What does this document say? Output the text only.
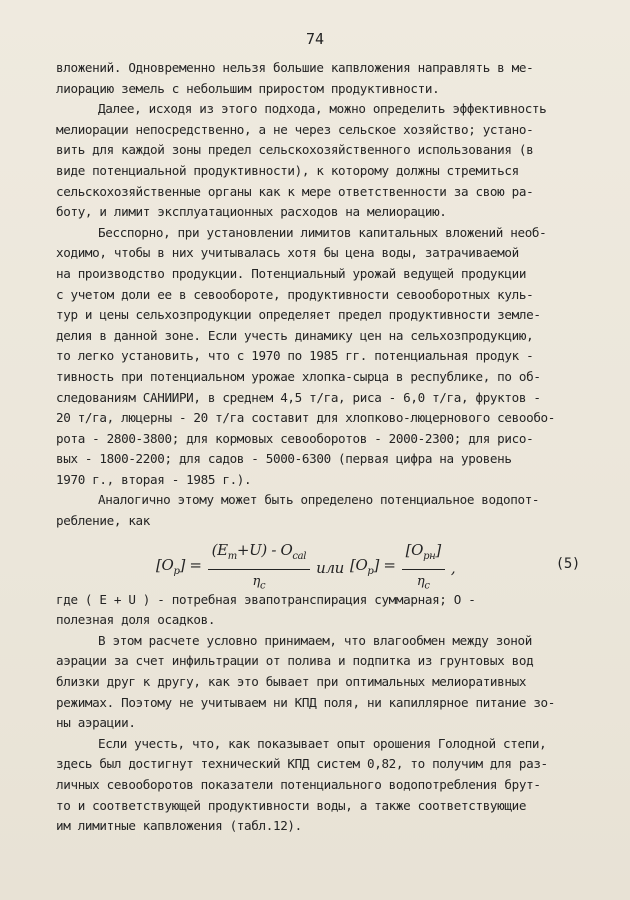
74
вложений. Одновременно нельзя большие капвложения направлять в ме-
лиорацию земель с небольшим приростом продуктивности.
Далее, исходя из этого подхода, можно определить эффективность
мелиорации непосредственно, а не через сельское хозяйство; устано-
вить для каждой зоны предел сельскохозяйственного использования (в
виде потенциальной продуктивности), к которому должны стремиться
сельскохозяйственные органы как к мере ответственности за свою ра-
боту, и лимит эксплуатационных расходов на мелиорацию.
Бесспорно, при установлении лимитов капитальных вложений необ-
ходимо, чтобы в них учитывалась хотя бы цена воды, затрачиваемой
на производство продукции. Потенциальный урожай ведущей продукции
с учетом доли ее в севообороте, продуктивности севооборотных куль-
тур и цены сельхозпродукции определяет предел продуктивности земле-
делия в данной зоне. Если учесть динамику цен на сельхозпродукцию,
то легко установить, что с 1970 по 1985 гг. потенциальная продук -
тивность при потенциальном урожае хлопка-сырца в республике, по об-
следованиям САНИИРИ, в среднем 4,5 т/га, риса - 6,0 т/га, фруктов -
20 т/га, люцерны - 20 т/га составит для хлопково-люцернового севообо-
рота - 2800-3800; для кормовых севооборотов - 2000-2300; для рисо-
вых - 1800-2200; для садов - 5000-6300 (первая цифра на уровень
1970 г., вторая - 1985 г.).
Аналогично этому может быть определено потенциальное водопот-
ребление, как
$[O_p] = \frac{(E_m+U) - O_{cal}}{\eta_c}$ или $[O_p] = \frac{[O_{pн}]}{\eta_c}$ ,	(5)
где ( E + U ) - потребная эвапотранспирация суммарная; O -
полезная доля осадков.
В этом расчете условно принимаем, что влагообмен между зоной
аэрации за счет инфильтрации от полива и подпитка из грунтовых вод
близки друг к другу, как это бывает при оптимальных мелиоративных
режимах. Поэтому не учитываем ни КПД поля, ни капиллярное питание зо-
ны аэрации.
Если учесть, что, как показывает опыт орошения Голодной степи,
здесь был достигнут технический КПД систем 0,82, то получим для раз-
личных севооборотов показатели потенциального водопотребления брут-
то и соответствующей продуктивности воды, а также соответствующие
им лимитные капвложения (табл.12).
